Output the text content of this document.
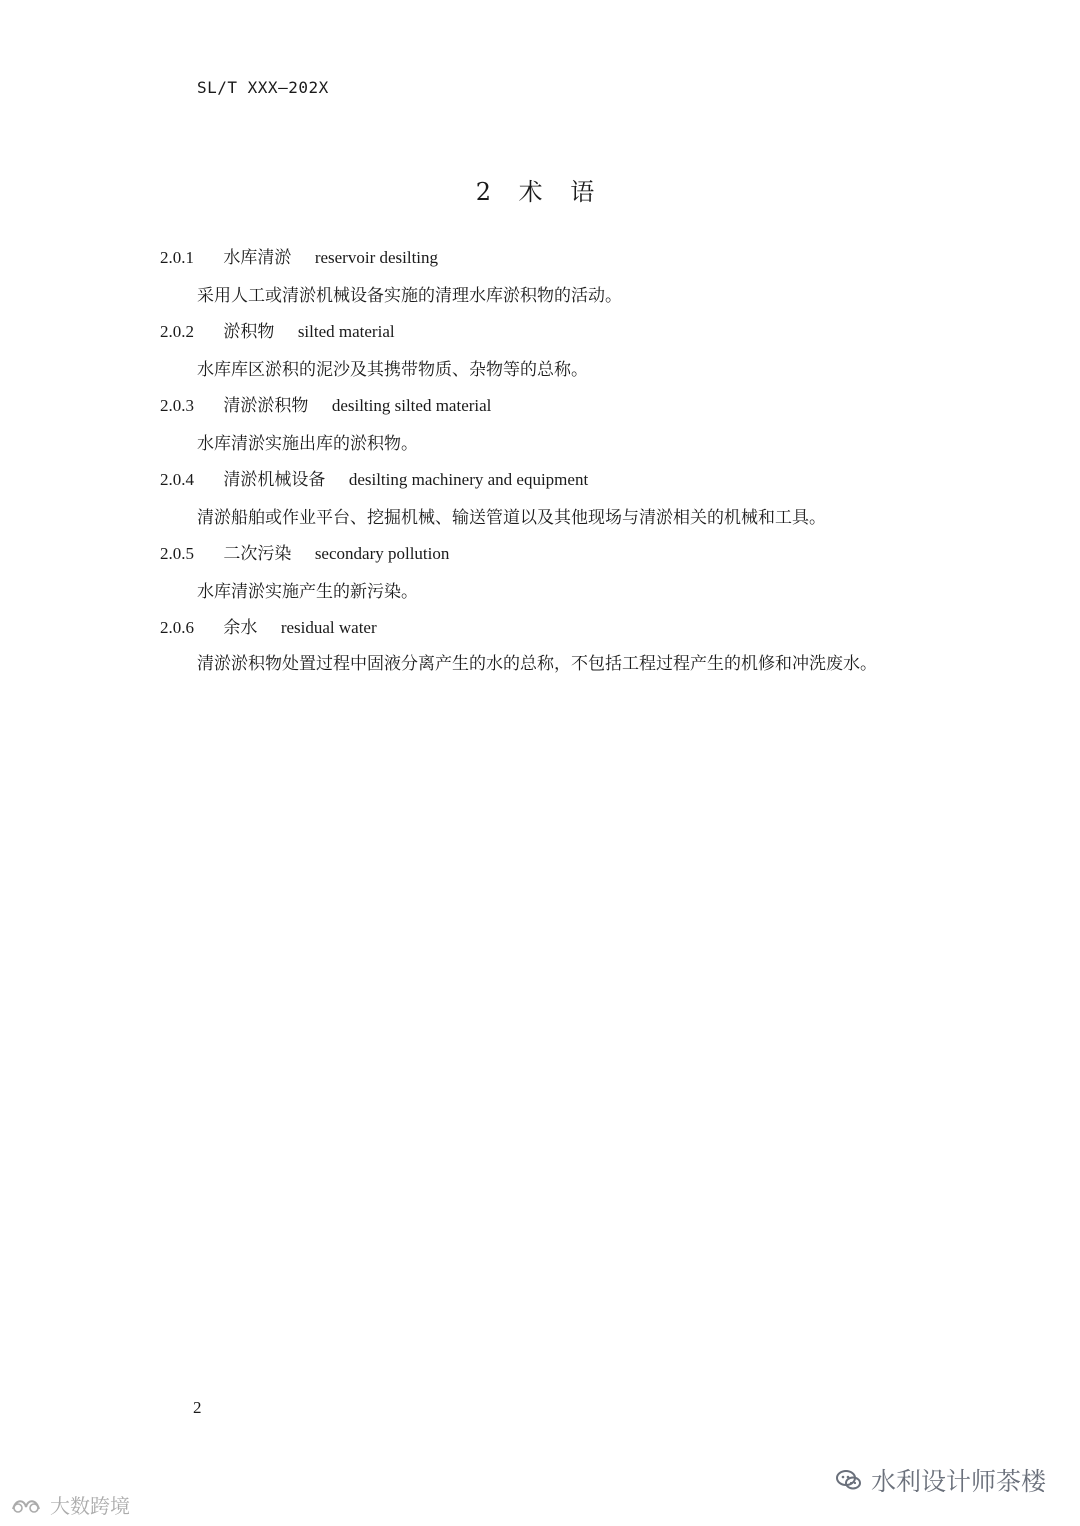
SL/T XXX—202X
2 术 语
2.0.1 水库清淤 reservoir desilting
采用人工或清淤机械设备实施的清理水库淤积物的活动。
2.0.2 淤积物 silted material
水库库区淤积的泥沙及其携带物质、杂物等的总称。
2.0.3 清淤淤积物 desilting silted material
水库清淤实施出库的淤积物。
2.0.4 清淤机械设备 desilting machinery and equipment
清淤船舶或作业平台、挖掘机械、输送管道以及其他现场与清淤相关的机械和工具。
2.0.5 二次污染 secondary pollution
水库清淤实施产生的新污染。
2.0.6 余水 residual water
清淤淤积物处置过程中固液分离产生的水的总称，不包括工程过程产生的机修和冲洗废水。
2
水利设计师茶楼
大数跨境
